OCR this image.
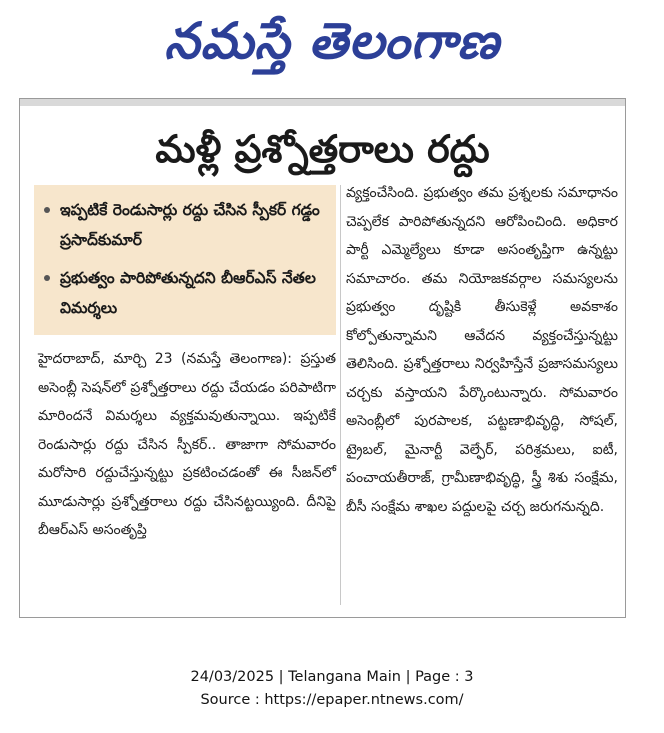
నమస్తే తెలంగాణ
మళ్లీ ప్రశ్నోత్తరాలు రద్దు
ఇప్పటికే రెండుసార్లు రద్దు చేసిన స్పీకర్ గడ్డం ప్రసాద్‌కుమార్
ప్రభుత్వం పారిపోతున్నదని బీఆర్‌ఎస్ నేతల విమర్శలు
హైదరాబాద్, మార్చి 23 (నమస్తే తెలంగాణ): ప్రస్తుత అసెంబ్లీ సెషన్‌లో ప్రశ్నోత్తరాలు రద్దు చేయడం పరిపాటిగా మారిందనే విమర్శలు వ్యక్తమవుతున్నాయి. ఇప్పటికే రెండుసార్లు రద్దు చేసిన స్పీకర్.. తాజాగా సోమవారం మరోసారి రద్దుచేస్తున్నట్టు ప్రకటించడంతో ఈ సీజన్‌లో మూడుసార్లు ప్రశ్నోత్తరాలు రద్దు చేసినట్టయ్యింది. దీనిపై బీఆర్‌ఎస్ అసంతృప్తి
వ్యక్తంచేసింది. ప్రభుత్వం తమ ప్రశ్నలకు సమాధానం చెప్పలేక పారిపోతున్నదని ఆరోపించింది. అధికార పార్టీ ఎమ్మెల్యేలు కూడా అసంతృప్తిగా ఉన్నట్టు సమాచారం. తమ నియోజకవర్గాల సమస్యలను ప్రభుత్వం దృష్టికి తీసుకెళ్లే అవకాశం కోల్పోతున్నామని ఆవేదన వ్యక్తంచేస్తున్నట్టు తెలిసింది. ప్రశ్నోత్తరాలు నిర్వహిస్తేనే ప్రజాసమస్యలు చర్చకు వస్తాయని పేర్కొంటున్నారు. సోమవారం అసెంబ్లీలో పురపాలక, పట్టణాభివృద్ధి, సోషల్, ట్రైబల్, మైనార్టీ వెల్ఫేర్, పరిశ్రమలు, ఐటీ, పంచాయతీరాజ్, గ్రామీణాభివృద్ధి, స్త్రీ శిశు సంక్షేమ, బీసీ సంక్షేమ శాఖల పద్దులపై చర్చ జరుగనున్నది.
24/03/2025 | Telangana Main | Page : 3
Source : https://epaper.ntnews.com/
